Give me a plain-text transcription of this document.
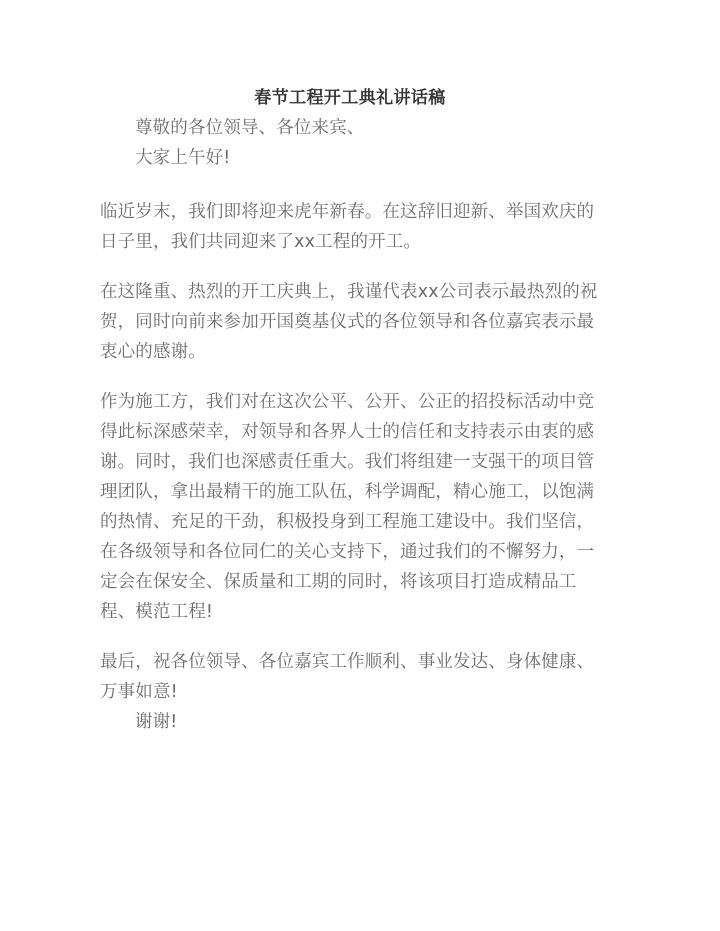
春节工程开工典礼讲话稿

尊敬的各位领导、各位来宾、

大家上午好!

临近岁末，我们即将迎来虎年新春。在这辞旧迎新、举国欢庆的日子里，我们共同迎来了xx工程的开工。

在这隆重、热烈的开工庆典上，我谨代表xx公司表示最热烈的祝贺，同时向前来参加开国奠基仪式的各位领导和各位嘉宾表示最衷心的感谢。

作为施工方，我们对在这次公平、公开、公正的招投标活动中竞得此标深感荣幸，对领导和各界人士的信任和支持表示由衷的感谢。同时，我们也深感责任重大。我们将组建一支强干的项目管理团队，拿出最精干的施工队伍，科学调配，精心施工，以饱满的热情、充足的干劲，积极投身到工程施工建设中。我们坚信，在各级领导和各位同仁的关心支持下，通过我们的不懈努力，一定会在保安全、保质量和工期的同时，将该项目打造成精品工程、模范工程!

最后，祝各位领导、各位嘉宾工作顺利、事业发达、身体健康、万事如意!

谢谢!
